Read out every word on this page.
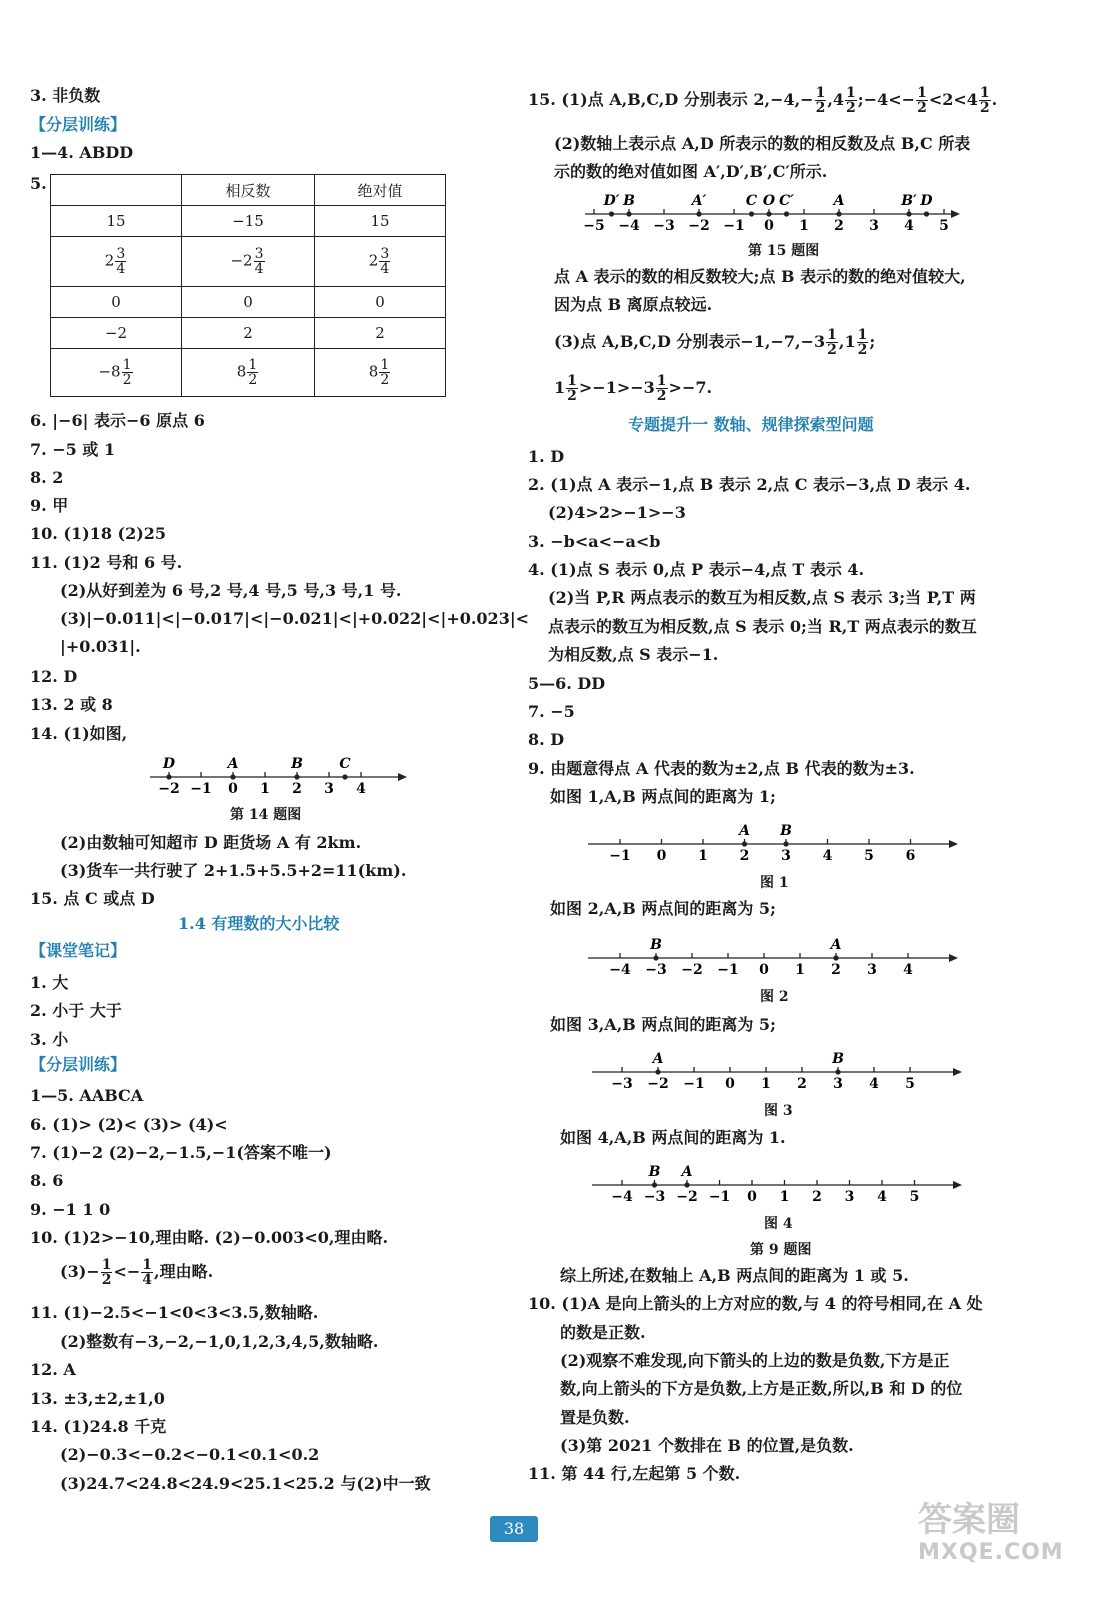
3. 非负数
【分层训练】
1—4. ABDD
5.
		相反数	绝对值
15	−15	15
$2 \frac{3}{4}$	$-2 \frac{3}{4}$	$2 \frac{3}{4}$

0	0	0
−2	2	2
$-8 \frac{1}{2}$	$8 \frac{1}{2}$	$8 \frac{1}{2}$
6. |−6| 表示−6 原点 6
7. −5 或 1
8. 2
9. 甲
10. (1)18 (2)25
11. (1)2 号和 6 号.
(2)从好到差为 6 号,2 号,4 号,5 号,3 号,1 号.
(3)|−0.011|<|−0.017|<|−0.021|<|+0.022|<|+0.023|<
|+0.031|.
12. D
13. 2 或 8
14. (1)如图,
−2 −1 0 1 2 3 4
D	A	B	C
第 14 题图
(2)由数轴可知超市 D 距货场 A 有 2km.
(3)货车一共行驶了 2+1.5+5.5+2=11(km).
15. 点 C 或点 D
1.4 有理数的大小比较
【课堂笔记】
1. 大
2. 小于 大于
3. 小
【分层训练】
1—5. AABCA
6. (1)> (2)< (3)> (4)<
7. (1)−2 (2)−2,−1.5,−1(答案不唯一)
8. 6
9. −1 1 0
10. (1)2>−10,理由略. (2)−0.003<0,理由略.
$(3)- \frac{1}{2} <- \frac{1}{4}$ ,理由略.
11. (1)−2.5<−1<0<3<3.5,数轴略.
(2)整数有−3,−2,−1,0,1,2,3,4,5,数轴略.
12. A
13. ±3,±2,±1,0
14. (1)24.8 千克
(2)−0.3<−0.2<−0.1<0.1<0.2
(3)24.7<24.8<24.9<25.1<25.2 与(2)中一致
15. (1)点 A,B,C,D 分别表示 $2,-4,- \frac{1}{2} ,4 \frac{1}{2}$ ;−4<− $\frac{1}{2} <2<4 \frac{1}{2}$ .
(2)数轴上表示点 A,D 所表示的数的相反数及点 B,C 所表
示的数的绝对值如图 A′,D′,B′,C′所示.
−5 −4 −3 −2 −1 0 1 2 3 4 5
D′ B	A′	C O C′	A	B′ D
第 15 题图
点 A 表示的数的相反数较大;点 B 表示的数的绝对值较大,
因为点 B 离原点较远.
(3)点 A,B,C,D 分别表示$-1,-7,-3 \frac{1}{2} ,1 \frac{1}{2}$ ;
$1 \frac{1}{2} >-1>-3 \frac{1}{2} >-7$.
专题提升一 数轴、规律探索型问题
1. D
2. (1)点 A 表示−1,点 B 表示 2,点 C 表示−3,点 D 表示 4.
(2)4>2>−1>−3
3. −b<a<−a<b
4. (1)点 S 表示 0,点 P 表示−4,点 T 表示 4.
(2)当 P,R 两点表示的数互为相反数,点 S 表示 3;当 P,T 两
点表示的数互为相反数,点 S 表示 0;当 R,T 两点表示的数互
为相反数,点 S 表示−1.
5—6. DD
7. −5
8. D
9. 由题意得点 A 代表的数为±2,点 B 代表的数为±3.
如图 1,A,B 两点间的距离为 1;
−1 0 1 2 3 4 5 6
A B
图 1
如图 2,A,B 两点间的距离为 5;
−4 −3 −2 −1 0 1 2 3 4
B	A
图 2
如图 3,A,B 两点间的距离为 5;
−3 −2 −1 0 1 2 3 4 5
A	B
图 3
如图 4,A,B 两点间的距离为 1.
−4 −3 −2 −1 0 1 2 3 4 5
B A
图 4
第 9 题图
综上所述,在数轴上 A,B 两点间的距离为 1 或 5.
10. (1)A 是向上箭头的上方对应的数,与 4 的符号相同,在 A 处
的数是正数.
(2)观察不难发现,向下箭头的上边的数是负数,下方是正
数,向上箭头的下方是负数,上方是正数,所以,B 和 D 的位
置是负数.
(3)第 2021 个数排在 B 的位置,是负数.
11. 第 44 行,左起第 5 个数.
38	答案圈
MXQE.COM
